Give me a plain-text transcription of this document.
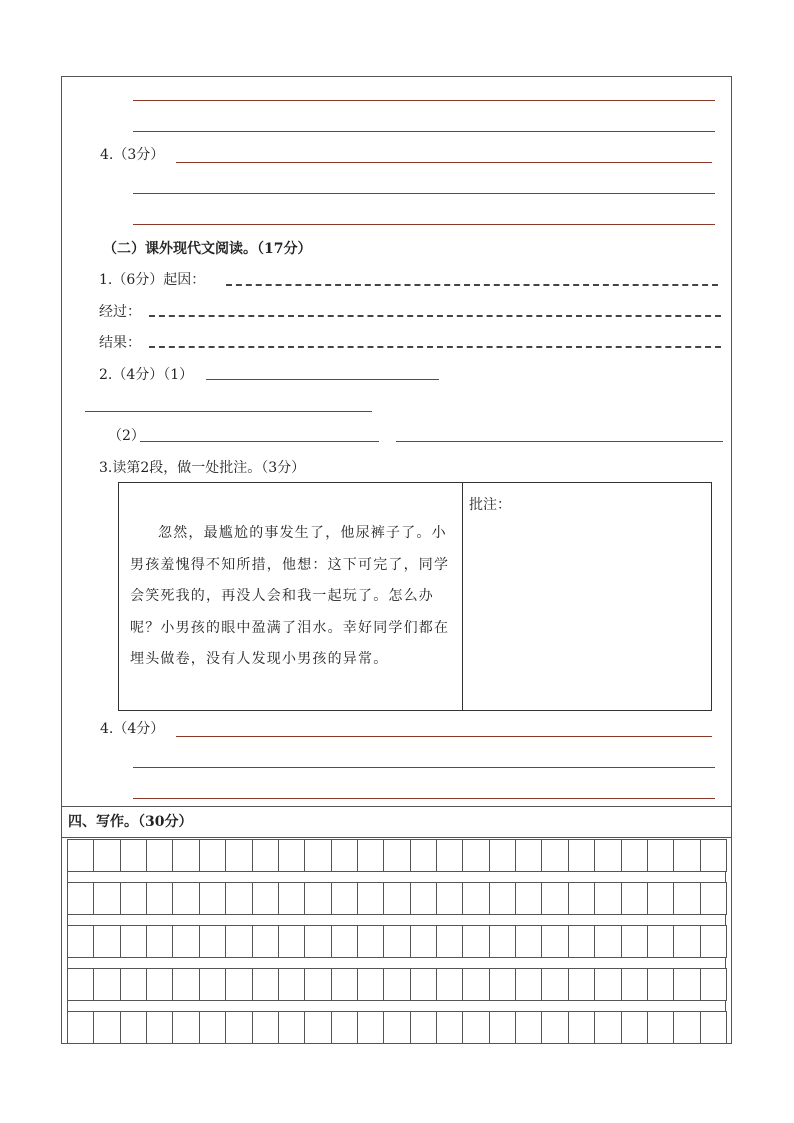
4.（3分）
（二）课外现代文阅读。（17分）
1.（6分）起因：
经过：
结果：
2.（4分）（1）
（2）
3.读第2段，做一处批注。（3分）
忽然，最尴尬的事发生了，他尿裤子了。小男孩羞愧得不知所措，他想：这下可完了，同学会笑死我的，再没人会和我一起玩了。怎么办呢？小男孩的眼中盈满了泪水。幸好同学们都在埋头做卷，没有人发现小男孩的异常。
批注：
4.（4分）
四、写作。（30分）
